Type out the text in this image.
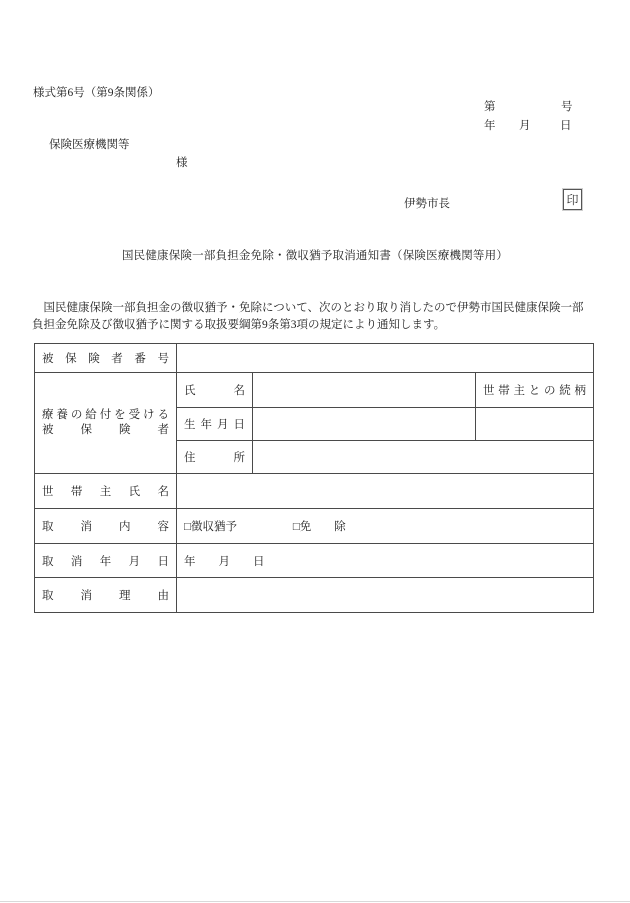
様式第6号（第9条関係）
第	号
年 月	日
保険医療機関等
様
伊勢市長	印
国民健康保険一部負担金免除・徴収猶予取消通知書（保険医療機関等用）
　国民健康保険一部負担金の徴収猶予・免除について、次のとおり取り消したので伊勢市国民健康保険一部
負担金免除及び徴収猶予に関する取扱要綱第9条第3項の規定により通知します。
被保険者番号			

療養の給付を受ける
被保険者	氏名		世帯主との続柄

	生年月日		

	住所		

世帯主氏名			

取消内容	□徴収猶予 □免　　除		

取消年月日	年　　月　　日		

取消理由			
